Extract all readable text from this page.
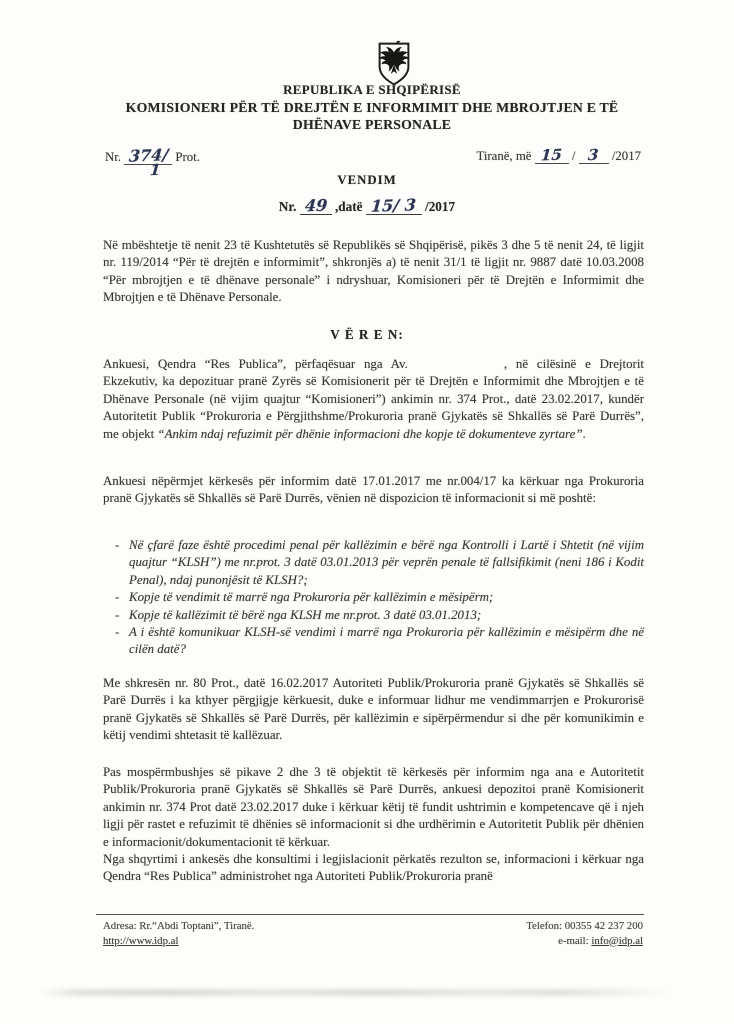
REPUBLIKA E SHQIPËRISË
KOMISIONERI PËR TË DREJTËN E INFORMIMIT DHE MBROJTJEN E TË
DHËNAVE PERSONALE
Nr. 374/
1
Prot.	Tiranë, më 15 / 3 /2017
VENDIM
Nr. 49 ,datë 15/ 3 /2017

Në mbështetje të nenit 23 të Kushtetutës së Republikës së Shqipërisë, pikës 3 dhe 5 të nenit 24, të ligjit nr. 119/2014 “Për të drejtën e informimit”, shkronjës a) të nenit 31/1 të ligjit nr. 9887 datë 10.03.2008 “Për mbrojtjen e të dhënave personale” i ndryshuar, Komisioneri për të Drejtën e Informimit dhe Mbrojtjen e të Dhënave Personale.

V Ë R E N:

Ankuesi, Qendra “Res Publica”, përfaqësuar nga Av.	, në cilësinë e Drejtorit Ekzekutiv, ka depozituar pranë Zyrës së Komisionerit për të Drejtën e Informimit dhe Mbrojtjen e të Dhënave Personale (në vijim quajtur “Komisioneri”) ankimin nr. 374 Prot., datë 23.02.2017, kundër Autoritetit Publik “Prokuroria e Përgjithshme/Prokuroria pranë Gjykatës së Shkallës së Parë Durrës”, me objekt “Ankim ndaj refuzimit për dhënie informacioni dhe kopje të dokumenteve zyrtare”.

Ankuesi nëpërmjet kërkesës për informim datë 17.01.2017 me nr.004/17 ka kërkuar nga Prokuroria pranë Gjykatës së Shkallës së Parë Durrës, vënien në dispozicion të informacionit si më poshtë:

- Në çfarë faze është procedimi penal për kallëzimin e bërë nga Kontrolli i Lartë i Shtetit (në vijim quajtur “KLSH”) me nr.prot. 3 datë 03.01.2013 për veprën penale të fallsifikimit (neni 186 i Kodit Penal), ndaj punonjësit të KLSH?;
- Kopje të vendimit të marrë nga Prokuroria për kallëzimin e mësipërm;
- Kopje të kallëzimit të bërë nga KLSH me nr.prot. 3 datë 03.01.2013;
- A i është komunikuar KLSH-së vendimi i marrë nga Prokuroria për kallëzimin e mësipërm dhe në cilën datë?

Me shkresën nr. 80 Prot., datë 16.02.2017 Autoriteti Publik/Prokuroria pranë Gjykatës së Shkallës së Parë Durrës i ka kthyer përgjigje kërkuesit, duke e informuar lidhur me vendimmarrjen e Prokurorisë pranë Gjykatës së Shkallës së Parë Durrës, për kallëzimin e sipërpërmendur si dhe për komunikimin e këtij vendimi shtetasit të kallëzuar.

Pas mospërmbushjes së pikave 2 dhe 3 të objektit të kërkesës për informim nga ana e Autoritetit Publik/Prokuroria pranë Gjykatës së Shkallës së Parë Durrës, ankuesi depozitoi pranë Komisionerit ankimin nr. 374 Prot datë 23.02.2017 duke i kërkuar këtij të fundit ushtrimin e kompetencave që i njeh ligji për rastet e refuzimit të dhënies së informacionit si dhe urdhërimin e Autoritetit Publik për dhënien e informacionit/dokumentacionit të kërkuar.

Nga shqyrtimi i ankesës dhe konsultimi i legjislacionit përkatës rezulton se, informacioni i kërkuar nga Qendra “Res Publica” administrohet nga Autoriteti Publik/Prokuroria pranë

Adresa: Rr.“Abdi Toptani”, Tiranë.
http://www.idp.al
Telefon: 00355 42 237 200
e-mail: info@idp.al
